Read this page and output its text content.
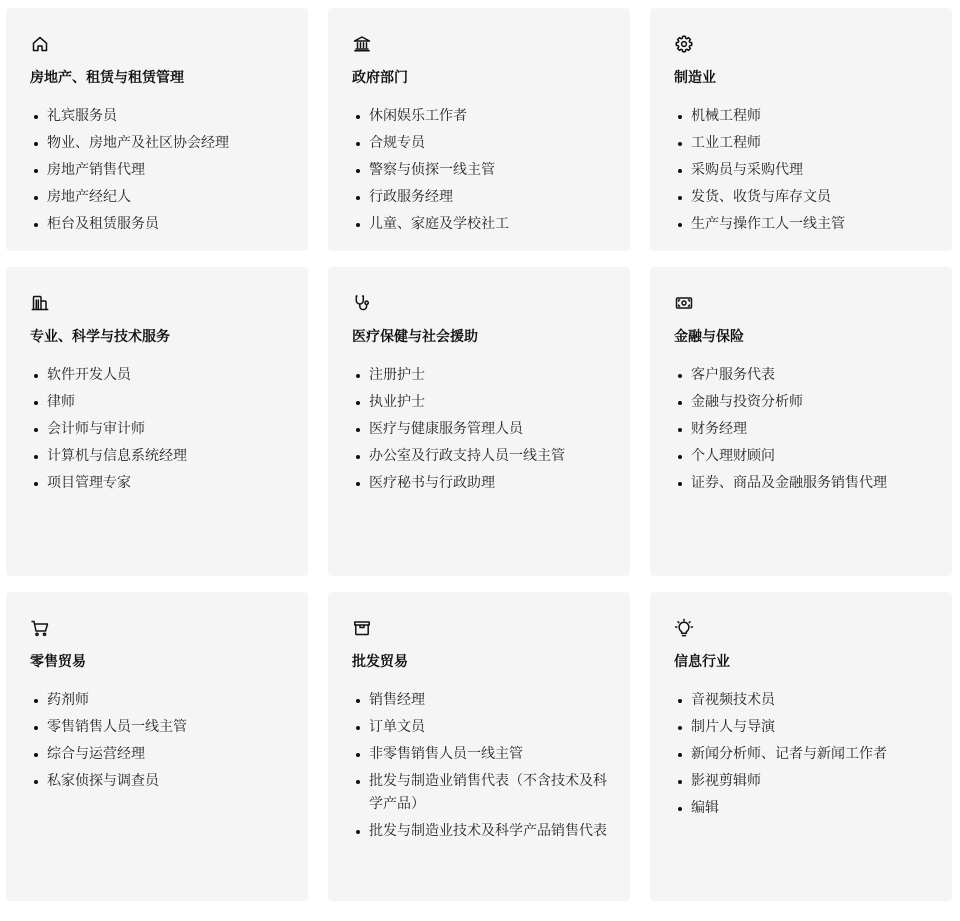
房地产、租赁与租赁管理
礼宾服务员
物业、房地产及社区协会经理
房地产销售代理
房地产经纪人
柜台及租赁服务员
政府部门
休闲娱乐工作者
合规专员
警察与侦探一线主管
行政服务经理
儿童、家庭及学校社工
制造业
机械工程师
工业工程师
采购员与采购代理
发货、收货与库存文员
生产与操作工人一线主管
专业、科学与技术服务
软件开发人员
律师
会计师与审计师
计算机与信息系统经理
项目管理专家
医疗保健与社会援助
注册护士
执业护士
医疗与健康服务管理人员
办公室及行政支持人员一线主管
医疗秘书与行政助理
金融与保险
客户服务代表
金融与投资分析师
财务经理
个人理财顾问
证券、商品及金融服务销售代理
零售贸易
药剂师
零售销售人员一线主管
综合与运营经理
私家侦探与调查员
批发贸易
销售经理
订单文员
非零售销售人员一线主管
批发与制造业销售代表（不含技术及科学产品）
批发与制造业技术及科学产品销售代表
信息行业
音视频技术员
制片人与导演
新闻分析师、记者与新闻工作者
影视剪辑师
编辑
